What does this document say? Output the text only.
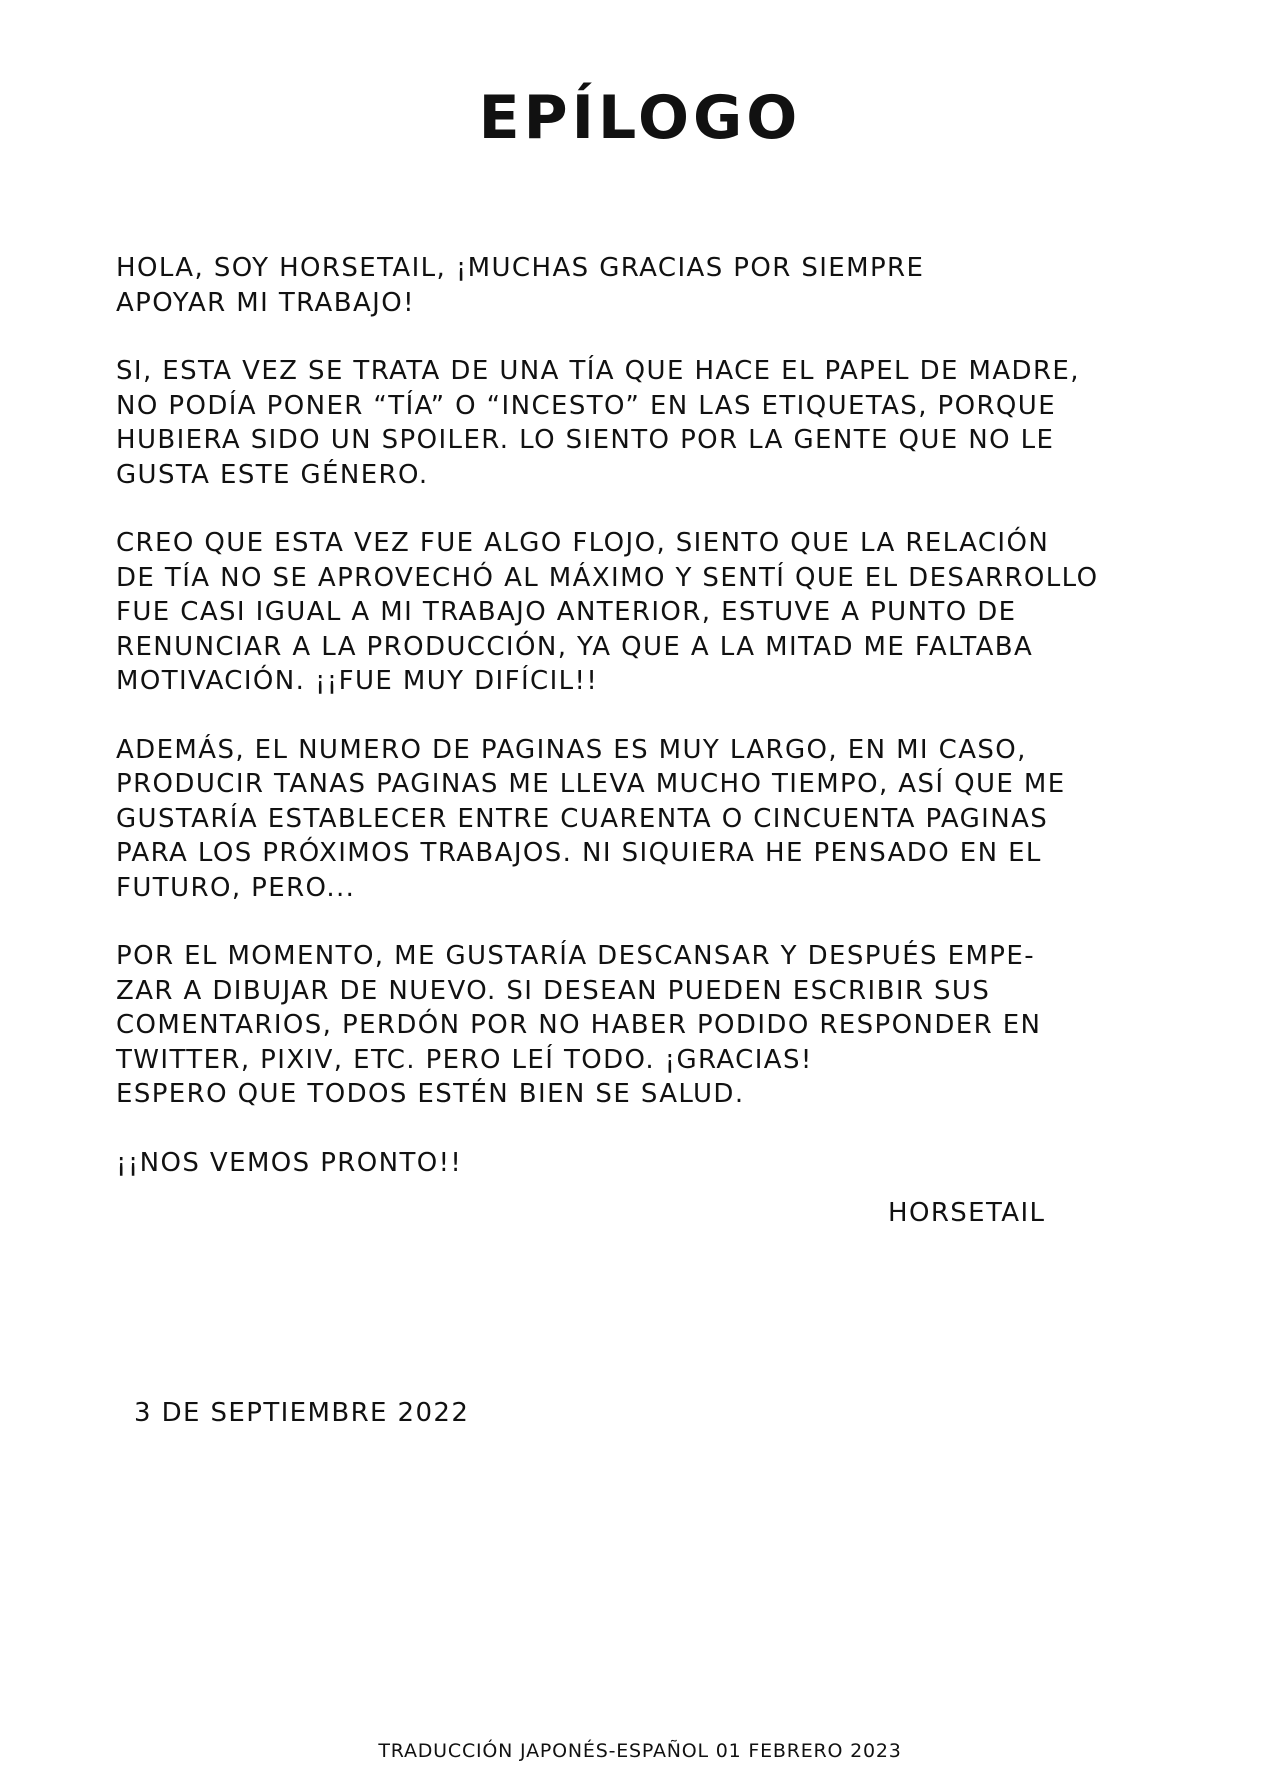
EPÍLOGO

HOLA, SOY HORSETAIL, ¡MUCHAS GRACIAS POR SIEMPRE
APOYAR MI TRABAJO!

SI, ESTA VEZ SE TRATA DE UNA TÍA QUE HACE EL PAPEL DE MADRE,
NO PODÍA PONER “TÍA” O “INCESTO” EN LAS ETIQUETAS, PORQUE
HUBIERA SIDO UN SPOILER. LO SIENTO POR LA GENTE QUE NO LE
GUSTA ESTE GÉNERO.

CREO QUE ESTA VEZ FUE ALGO FLOJO, SIENTO QUE LA RELACIÓN
DE TÍA NO SE APROVECHÓ AL MÁXIMO Y SENTÍ QUE EL DESARROLLO
FUE CASI IGUAL A MI TRABAJO ANTERIOR, ESTUVE A PUNTO DE
RENUNCIAR A LA PRODUCCIÓN, YA QUE A LA MITAD ME FALTABA
MOTIVACIÓN. ¡¡FUE MUY DIFÍCIL!!

ADEMÁS, EL NUMERO DE PAGINAS ES MUY LARGO, EN MI CASO,
PRODUCIR TANAS PAGINAS ME LLEVA MUCHO TIEMPO, ASÍ QUE ME
GUSTARÍA ESTABLECER ENTRE CUARENTA O CINCUENTA PAGINAS
PARA LOS PRÓXIMOS TRABAJOS. NI SIQUIERA HE PENSADO EN EL
FUTURO, PERO...

POR EL MOMENTO, ME GUSTARÍA DESCANSAR Y DESPUÉS EMPE-
ZAR A DIBUJAR DE NUEVO. SI DESEAN PUEDEN ESCRIBIR SUS
COMENTARIOS, PERDÓN POR NO HABER PODIDO RESPONDER EN
TWITTER, PIXIV, ETC. PERO LEÍ TODO. ¡GRACIAS!
ESPERO QUE TODOS ESTÉN BIEN SE SALUD.

¡¡NOS VEMOS PRONTO!!

HORSETAIL
3 DE SEPTIEMBRE 2022
TRADUCCIÓN JAPONÉS-ESPAÑOL 01 FEBRERO 2023
